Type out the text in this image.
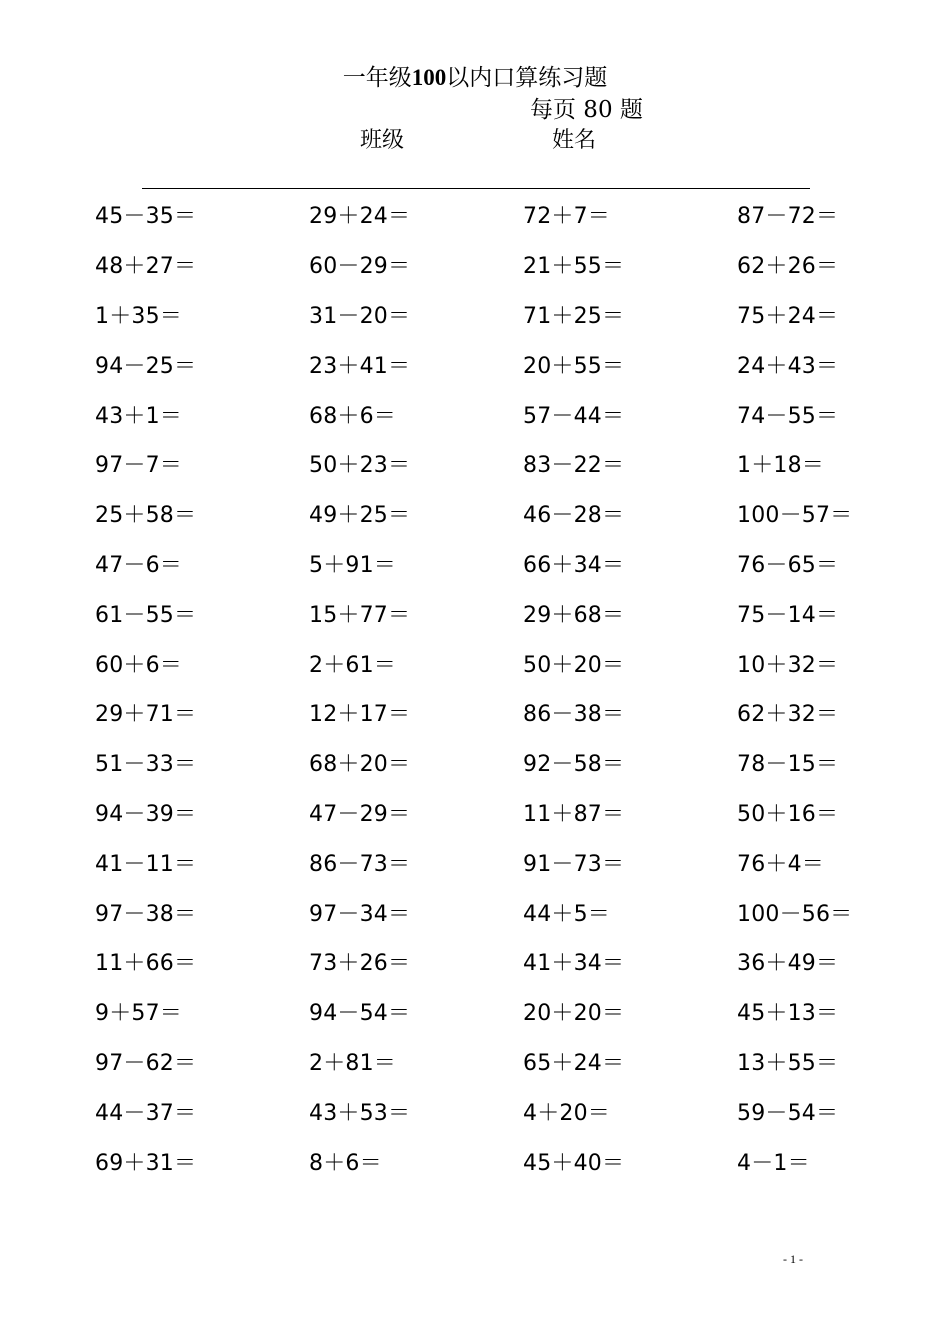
一年级100以内口算练习题
每页 80 题
班级	姓名
45－35＝	29＋24＝	72＋7＝	87－72＝
48＋27＝	60－29＝	21＋55＝	62＋26＝
1＋35＝	31－20＝	71＋25＝	75＋24＝
94－25＝	23＋41＝	20＋55＝	24＋43＝
43＋1＝	68＋6＝	57－44＝	74－55＝
97－7＝	50＋23＝	83－22＝	1＋18＝
25＋58＝	49＋25＝	46－28＝	100－57＝
47－6＝	5＋91＝	66＋34＝	76－65＝
61－55＝	15＋77＝	29＋68＝	75－14＝
60＋6＝	2＋61＝	50＋20＝	10＋32＝
29＋71＝	12＋17＝	86－38＝	62＋32＝
51－33＝	68＋20＝	92－58＝	78－15＝
94－39＝	47－29＝	11＋87＝	50＋16＝
41－11＝	86－73＝	91－73＝	76＋4＝
97－38＝	97－34＝	44＋5＝	100－56＝
11＋66＝	73＋26＝	41＋34＝	36＋49＝
9＋57＝	94－54＝	20＋20＝	45＋13＝
97－62＝	2＋81＝	65＋24＝	13＋55＝
44－37＝	43＋53＝	4＋20＝	59－54＝
69＋31＝	8＋6＝	45＋40＝	4－1＝
- 1 -
